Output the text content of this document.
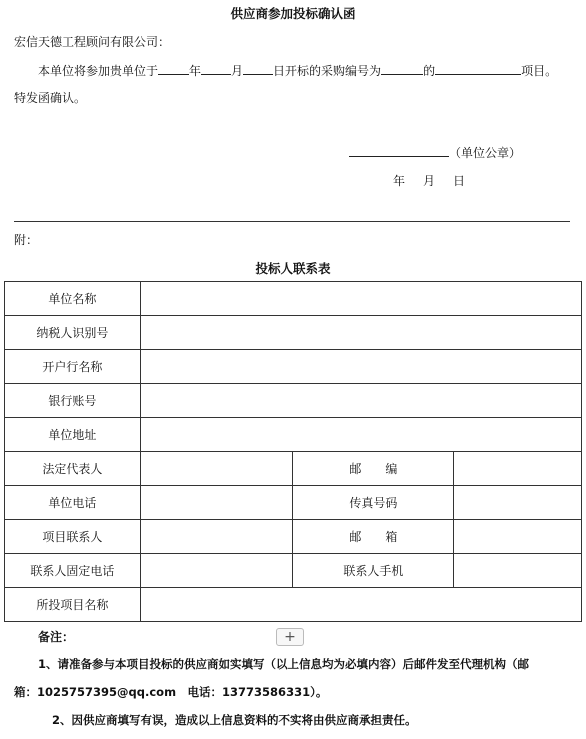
供应商参加投标确认函
宏信天德工程顾问有限公司：
本单位将参加贵单位于	年	月	日开标的采购编号为	的	项目。
特发函确认。
（单位公章）
年 月 日
附：
投标人联系表
单位名称			
纳税人识别号			
开户行名称			
银行账号			
单位地址			
法定代表人		邮　　编	
单位电话		传真号码	
项目联系人		邮　　箱	
联系人固定电话		联系人手机	
所投项目名称			
备注：	+
1、请准备参与本项目投标的供应商如实填写（以上信息均为必填内容）后邮件发至代理机构（邮
箱：1025757395@qq.com　电话：13773586331）。
2、因供应商填写有误，造成以上信息资料的不实将由供应商承担责任。
